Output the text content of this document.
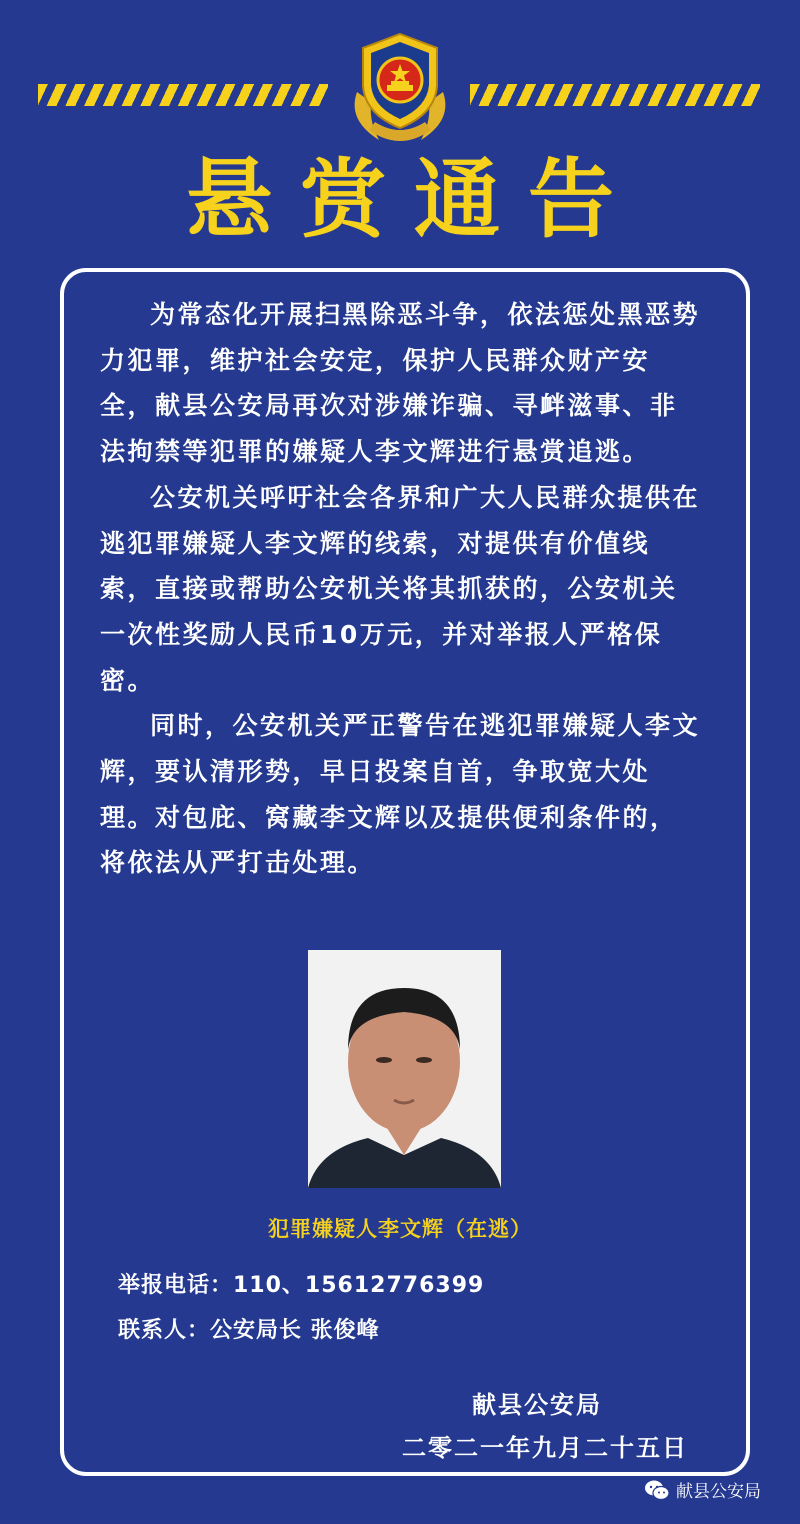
悬赏通告

为常态化开展扫黑除恶斗争，依法惩处黑恶势力犯罪，维护社会安定，保护人民群众财产安全，献县公安局再次对涉嫌诈骗、寻衅滋事、非法拘禁等犯罪的嫌疑人李文辉进行悬赏追逃。

公安机关呼吁社会各界和广大人民群众提供在逃犯罪嫌疑人李文辉的线索，对提供有价值线索，直接或帮助公安机关将其抓获的，公安机关一次性奖励人民币10万元，并对举报人严格保密。

同时，公安机关严正警告在逃犯罪嫌疑人李文辉，要认清形势，早日投案自首，争取宽大处理。对包庇、窝藏李文辉以及提供便利条件的，将依法从严打击处理。

犯罪嫌疑人李文辉（在逃）
举报电话：110、15612776399
联系人：公安局长 张俊峰
献县公安局
二零二一年九月二十五日
献县公安局
